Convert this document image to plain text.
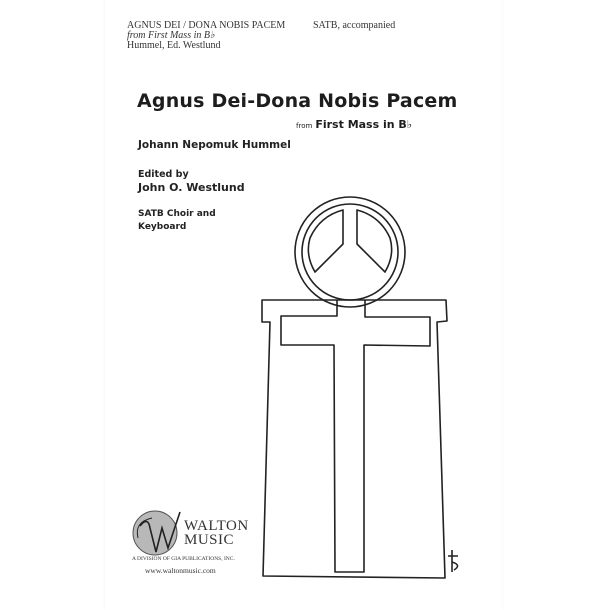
AGNUS DEI / DONA NOBIS PACEM
from First Mass in B♭
Hummel, Ed. Westlund
SATB, accompanied
Agnus Dei-Dona Nobis Pacem
from First Mass in B♭
Johann Nepomuk Hummel
Edited by
John O. Westlund
SATB Choir and
Keyboard
WALTON
MUSIC
A DIVISION OF GIA PUBLICATIONS, INC.
www.waltonmusic.com
